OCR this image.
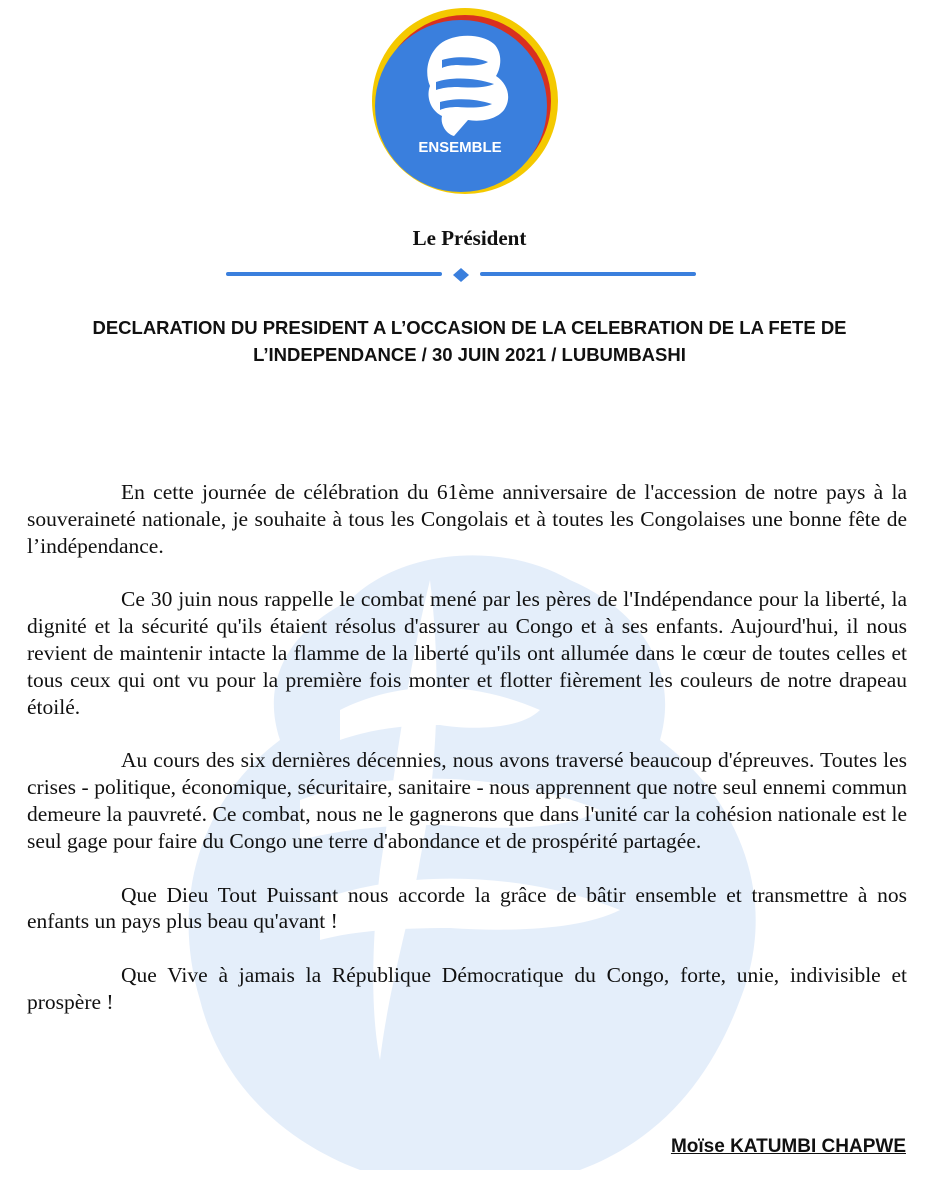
ENSEMBLE
Le Président
DECLARATION DU PRESIDENT A L’OCCASION DE LA CELEBRATION DE LA FETE DE
L’INDEPENDANCE / 30 JUIN 2021 / LUBUMBASHI

En cette journée de célébration du 61ème anniversaire de l'accession de notre pays à la souveraineté nationale, je souhaite à tous les Congolais et à toutes les Congolaises une bonne fête de l’indépendance.

Ce 30 juin nous rappelle le combat mené par les pères de l'Indépendance pour la liberté, la dignité et la sécurité qu'ils étaient résolus d'assurer au Congo et à ses enfants. Aujourd'hui, il nous revient de maintenir intacte la flamme de la liberté qu'ils ont allumée dans le cœur de toutes celles et tous ceux qui ont vu pour la première fois monter et flotter fièrement les couleurs de notre drapeau étoilé.

Au cours des six dernières décennies, nous avons traversé beaucoup d'épreuves. Toutes les crises - politique, économique, sécuritaire, sanitaire - nous apprennent que notre seul ennemi commun demeure la pauvreté. Ce combat, nous ne le gagnerons que dans l'unité car la cohésion nationale est le seul gage pour faire du Congo une terre d'abondance et de prospérité partagée.

Que Dieu Tout Puissant nous accorde la grâce de bâtir ensemble et transmettre à nos enfants un pays plus beau qu'avant !

Que Vive à jamais la République Démocratique du Congo, forte, unie, indivisible et prospère !

Moïse KATUMBI CHAPWE
